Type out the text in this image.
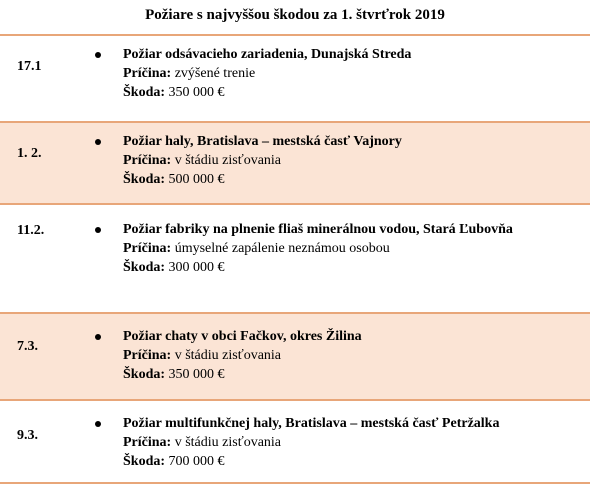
Požiare s najvyššou škodou za 1. štvrťrok 2019
17.1
Požiar odsávacieho zariadenia, Dunajská Streda
Príčina: zvýšené trenie
Škoda: 350 000 €
1. 2.
Požiar haly, Bratislava – mestská časť Vajnory
Príčina: v štádiu zisťovania
Škoda: 500 000 €
11.2.	Požiar fabriky na plnenie fliaš minerálnou vodou, Stará Ľubovňa
Príčina: úmyselné zapálenie neznámou osobou
Škoda: 300 000 €
7.3.
Požiar chaty v obci Fačkov, okres Žilina
Príčina: v štádiu zisťovania
Škoda: 350 000 €
9.3.
Požiar multifunkčnej haly, Bratislava – mestská časť Petržalka
Príčina: v štádiu zisťovania
Škoda: 700 000 €
